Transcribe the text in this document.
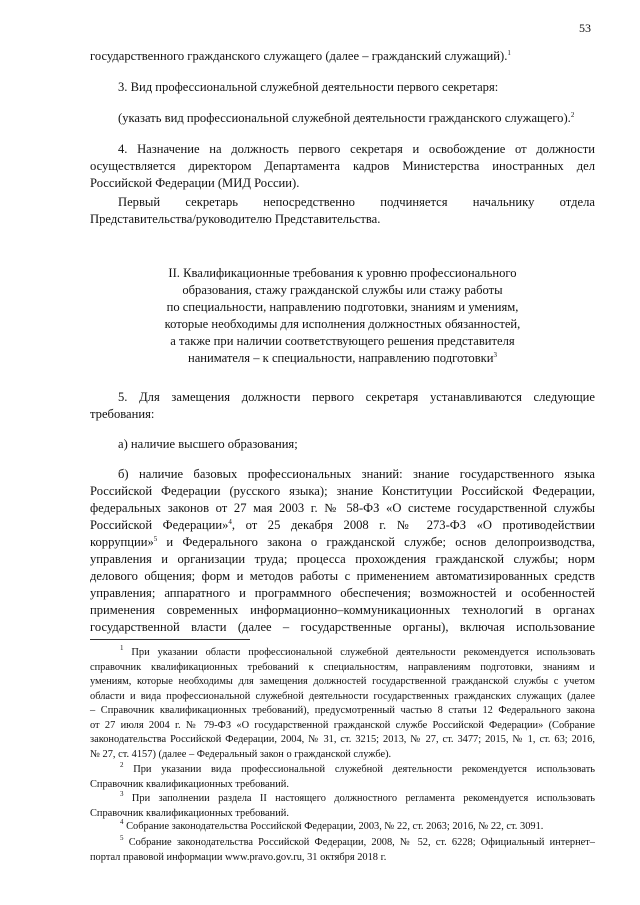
53

государственного гражданского служащего (далее – гражданский служащий).$^1$

3. Вид профессиональной служебной деятельности первого секретаря:

(указать вид профессиональной служебной деятельности гражданского служащего).$^2$

4. Назначение на должность первого секретаря и освобождение от должности
осуществляется директором Департамента кадров Министерства иностранных дел
Российской Федерации (МИД России).

Первый секретарь непосредственно подчиняется начальнику отдела
Представительства/руководителю Представительства.

II. Квалификационные требования к уровню профессионального
образования, стажу гражданской службы или стажу работы
по специальности, направлению подготовки, знаниям и умениям,
которые необходимы для исполнения должностных обязанностей,
а также при наличии соответствующего решения представителя
нанимателя – к специальности, направлению подготовки$^3$

5. Для замещения должности первого секретаря устанавливаются следующие
требования:

а) наличие высшего образования;

б) наличие базовых профессиональных знаний: знание государственного языка
Российской Федерации (русского языка); знание Конституции Российской Федерации,
федеральных законов от 27 мая 2003 г. № 58-ФЗ «О системе государственной службы
Российской Федерации»$^4$, от 25 декабря 2008 г. № 273-ФЗ «О противодействии
коррупции»$^5$ и Федерального закона о гражданской службе; основ делопроизводства,
управления и организации труда; процесса прохождения гражданской службы; норм
делового общения; форм и методов работы с применением автоматизированных средств
управления; аппаратного и программного обеспечения; возможностей и особенностей
применения современных информационно–коммуникационных технологий в органах
государственной власти (далее – государственные органы), включая использование

$^1$ При указании области профессиональной служебной деятельности рекомендуется использовать
справочник квалификационных требований к специальностям, направлениям подготовки, знаниям и
умениям, которые необходимы для замещения должностей государственной гражданской службы с учетом
области и вида профессиональной служебной деятельности государственных гражданских служащих (далее
– Справочник квалификационных требований), предусмотренный частью 8 статьи 12 Федерального закона
от 27 июля 2004 г. № 79-ФЗ «О государственной гражданской службе Российской Федерации» (Собрание
законодательства Российской Федерации, 2004, № 31, ст. 3215; 2013, № 27, ст. 3477; 2015, № 1, ст. 63; 2016,
№ 27, ст. 4157) (далее – Федеральный закон о гражданской службе).
$^2$ При указании вида профессиональной служебной деятельности рекомендуется использовать
Справочник квалификационных требований.
$^3$ При заполнении раздела II настоящего должностного регламента рекомендуется использовать
Справочник квалификационных требований.
$^4$ Собрание законодательства Российской Федерации, 2003, № 22, ст. 2063; 2016, № 22, ст. 3091.
$^5$ Собрание законодательства Российской Федерации, 2008, № 52, ст. 6228; Официальный интернет–
портал правовой информации www.pravo.gov.ru, 31 октября 2018 г.
